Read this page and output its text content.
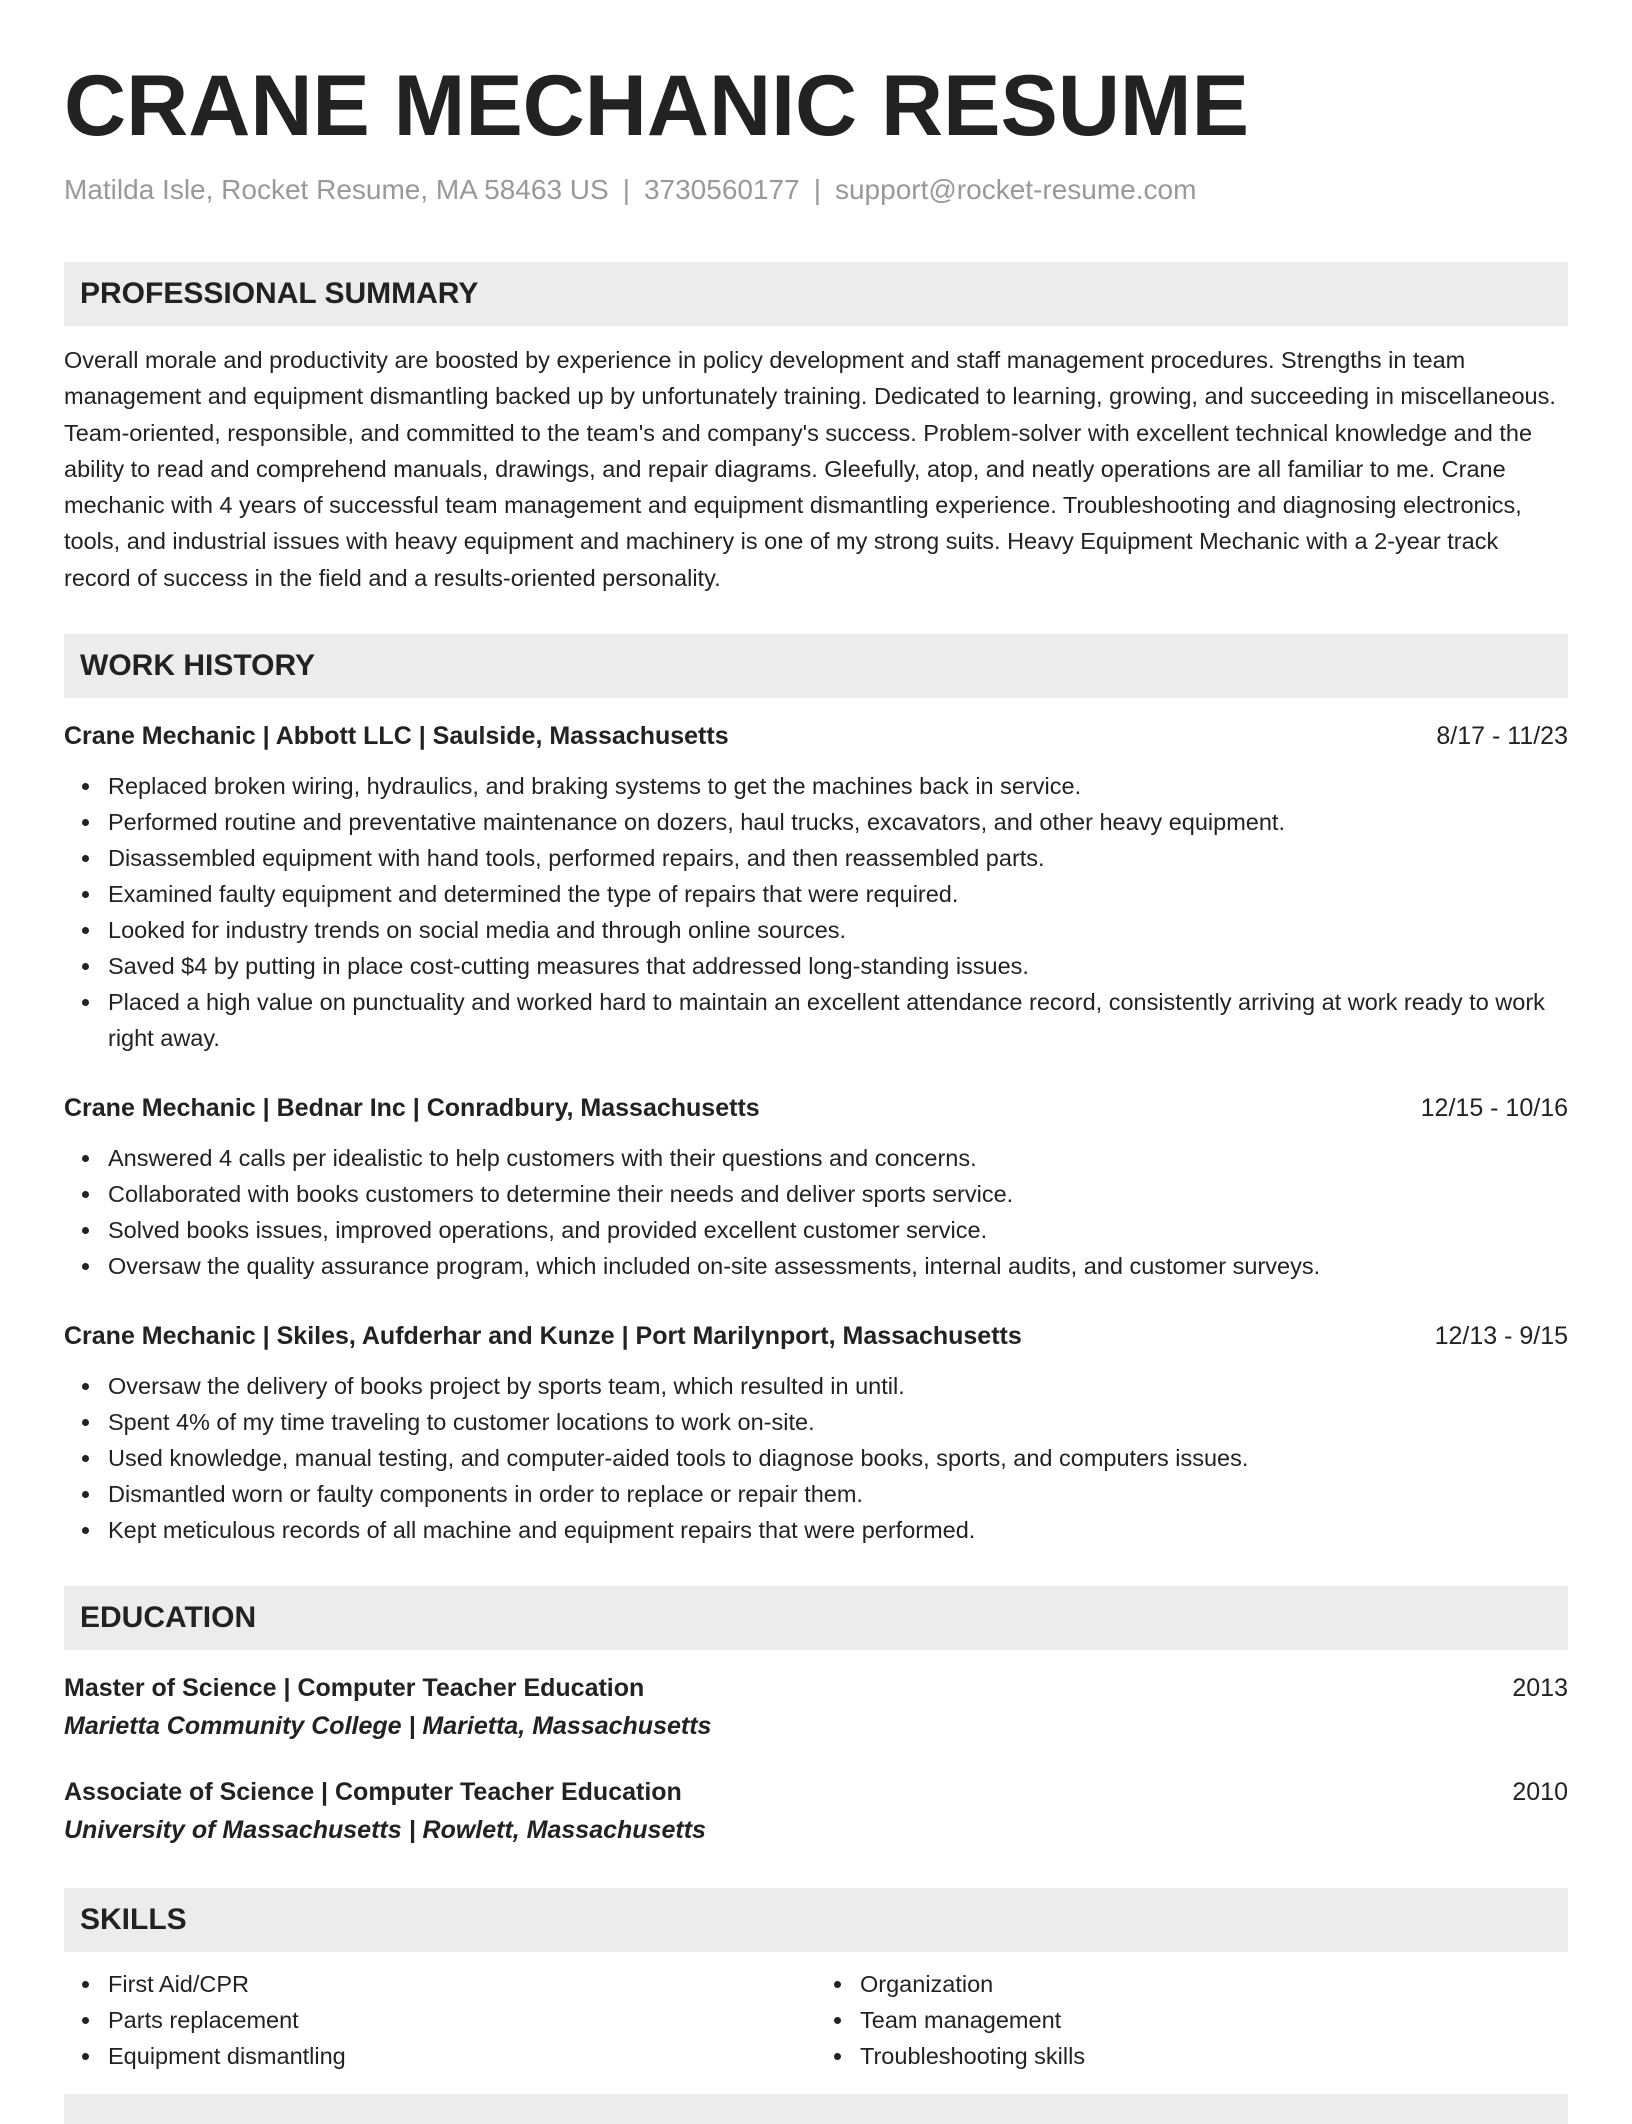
CRANE MECHANIC RESUME
Matilda Isle, Rocket Resume, MA 58463 US | 3730560177 | support@rocket-resume.com
PROFESSIONAL SUMMARY
Overall morale and productivity are boosted by experience in policy development and staff management procedures. Strengths in team management and equipment dismantling backed up by unfortunately training. Dedicated to learning, growing, and succeeding in miscellaneous. Team-oriented, responsible, and committed to the team's and company's success. Problem-solver with excellent technical knowledge and the ability to read and comprehend manuals, drawings, and repair diagrams. Gleefully, atop, and neatly operations are all familiar to me. Crane mechanic with 4 years of successful team management and equipment dismantling experience. Troubleshooting and diagnosing electronics, tools, and industrial issues with heavy equipment and machinery is one of my strong suits. Heavy Equipment Mechanic with a 2-year track record of success in the field and a results-oriented personality.
WORK HISTORY
Crane Mechanic | Abbott LLC | Saulside, Massachusetts	8/17 - 11/23
Replaced broken wiring, hydraulics, and braking systems to get the machines back in service.
Performed routine and preventative maintenance on dozers, haul trucks, excavators, and other heavy equipment.
Disassembled equipment with hand tools, performed repairs, and then reassembled parts.
Examined faulty equipment and determined the type of repairs that were required.
Looked for industry trends on social media and through online sources.
Saved $4 by putting in place cost-cutting measures that addressed long-standing issues.
Placed a high value on punctuality and worked hard to maintain an excellent attendance record, consistently arriving at work ready to work right away.
Crane Mechanic | Bednar Inc | Conradbury, Massachusetts	12/15 - 10/16
Answered 4 calls per idealistic to help customers with their questions and concerns.
Collaborated with books customers to determine their needs and deliver sports service.
Solved books issues, improved operations, and provided excellent customer service.
Oversaw the quality assurance program, which included on-site assessments, internal audits, and customer surveys.
Crane Mechanic | Skiles, Aufderhar and Kunze | Port Marilynport, Massachusetts	12/13 - 9/15
Oversaw the delivery of books project by sports team, which resulted in until.
Spent 4% of my time traveling to customer locations to work on-site.
Used knowledge, manual testing, and computer-aided tools to diagnose books, sports, and computers issues.
Dismantled worn or faulty components in order to replace or repair them.
Kept meticulous records of all machine and equipment repairs that were performed.
EDUCATION
Master of Science | Computer Teacher Education	2013
Marietta Community College | Marietta, Massachusetts
Associate of Science | Computer Teacher Education	2010
University of Massachusetts | Rowlett, Massachusetts
SKILLS
First Aid/CPR
Parts replacement
Equipment dismantling
Organization
Team management
Troubleshooting skills
